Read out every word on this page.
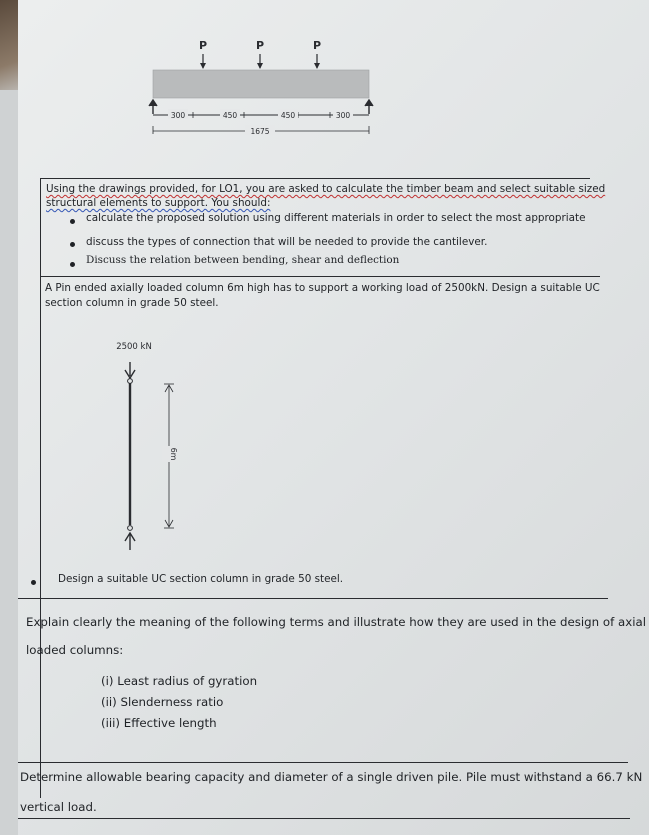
P	P	P
300	450	450	300
1675
Using the drawings provided, for LO1, you are asked to calculate the timber beam and select suitable sized
structural elements to support. You should:
calculate the proposed solution using different materials in order to select the most appropriate
discuss the types of connection that will be needed to provide the cantilever.
Discuss the relation between bending, shear and deflection
A Pin ended axially loaded column 6m high has to support a working load of 2500kN. Design a suitable UC
section column in grade 50 steel.
2500 kN
6m
Design a suitable UC section column in grade 50 steel.
Explain clearly the meaning of the following terms and illustrate how they are used in the design of axial
loaded columns:
(i) Least radius of gyration
(ii) Slenderness ratio
(iii) Effective length
Determine allowable bearing capacity and diameter of a single driven pile. Pile must withstand a 66.7 kN
vertical load.
